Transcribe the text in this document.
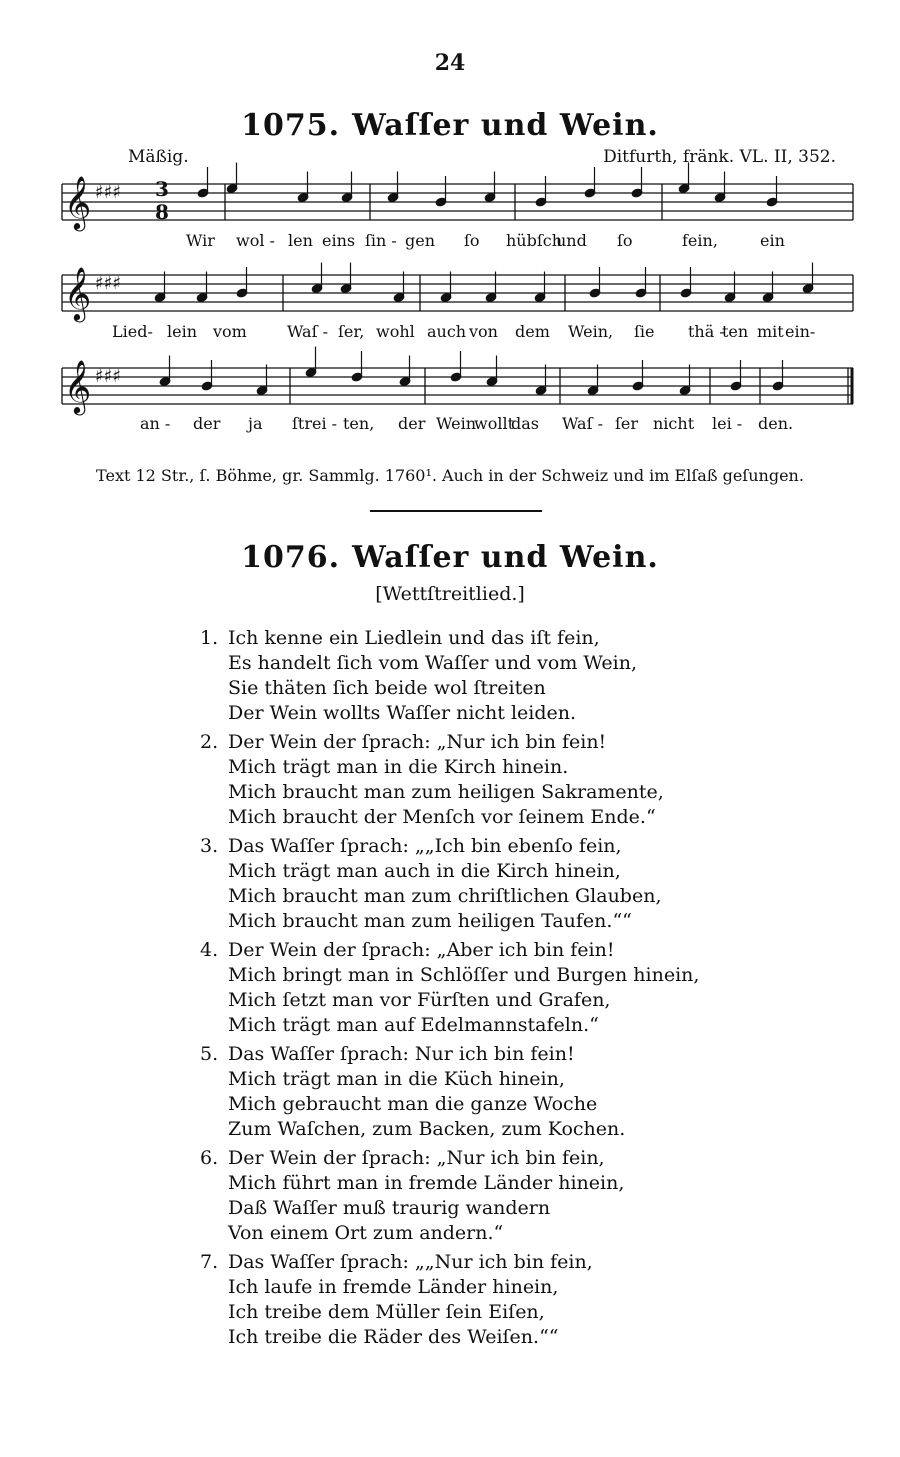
24
1075. Waſſer und Wein.
Mäßig.	Ditfurth, fränk. VL. II, 352.
𝄞 ♯♯♯
𝄞 ♯♯♯
𝄞 ♯♯♯
3
8
Wir wol - len eins ſin - gen ſo hübſch
und ſo	fein,	ein
Lied- lein vom	Waſ - ſer, wohl auch von dem Wein, ſie thä -
ten mit ein-
an - der ja ſtrei - ten, der Wein
wollt
das Waſ - ſer nicht lei - den.
Text 12 Str., ſ. Böhme, gr. Sammlg. 1760¹. Auch in der Schweiz und im Elſaß geſungen.
1076. Waſſer und Wein.
[Wettſtreitlied.]
1. Ich kenne ein Liedlein und das iſt fein,
Es handelt ſich vom Waſſer und vom Wein,
Sie thäten ſich beide wol ſtreiten
Der Wein wollts Waſſer nicht leiden.
2. Der Wein der ſprach: „Nur ich bin fein!
Mich trägt man in die Kirch hinein.
Mich braucht man zum heiligen Sakramente,
Mich braucht der Menſch vor ſeinem Ende.“
3. Das Waſſer ſprach: „„Ich bin ebenſo fein,
Mich trägt man auch in die Kirch hinein,
Mich braucht man zum chriſtlichen Glauben,
Mich braucht man zum heiligen Taufen.““
4. Der Wein der ſprach: „Aber ich bin fein!
Mich bringt man in Schlöſſer und Burgen hinein,
Mich ſetzt man vor Fürſten und Grafen,
Mich trägt man auf Edelmannstafeln.“
5. Das Waſſer ſprach: Nur ich bin fein!
Mich trägt man in die Küch hinein,
Mich gebraucht man die ganze Woche
Zum Waſchen, zum Backen, zum Kochen.
6. Der Wein der ſprach: „Nur ich bin fein,
Mich führt man in fremde Länder hinein,
Daß Waſſer muß traurig wandern
Von einem Ort zum andern.“
7. Das Waſſer ſprach: „„Nur ich bin fein,
Ich laufe in fremde Länder hinein,
Ich treibe dem Müller ſein Eiſen,
Ich treibe die Räder des Weiſen.““
